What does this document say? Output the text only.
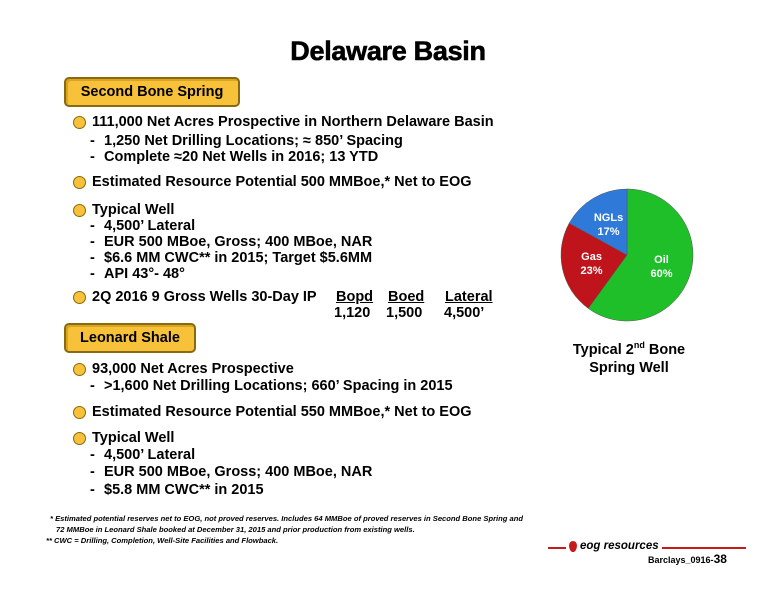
Delaware Basin
Second Bone Spring
111,000 Net Acres Prospective in Northern Delaware Basin
- 1,250 Net Drilling Locations; ≈ 850’ Spacing
- Complete ≈20 Net Wells in 2016; 13 YTD
Estimated Resource Potential 500 MMBoe,* Net to EOG
Typical Well
- 4,500’ Lateral
- EUR 500 MBoe, Gross; 400 MBoe, NAR
- $6.6 MM CWC** in 2015; Target $5.6MM
- API 43°- 48°
2Q 2016 9 Gross Wells 30-Day IP Bopd Boed Lateral
1,120 1,500 4,500’
Leonard Shale
93,000 Net Acres Prospective
- >1,600 Net Drilling Locations; 660’ Spacing in 2015
Estimated Resource Potential 550 MMBoe,* Net to EOG
Typical Well
- 4,500’ Lateral
- EUR 500 MBoe, Gross; 400 MBoe, NAR
- $5.8 MM CWC** in 2015
Oil
60%
Gas
23%
NGLs
17%
Typical 2nd Bone
Spring Well
* Estimated potential reserves net to EOG, not proved reserves. Includes 64 MMBoe of proved reserves in Second Bone Spring and
72 MMBoe in Leonard Shale booked at December 31, 2015 and prior production from existing wells.
** CWC = Drilling, Completion, Well-Site Facilities and Flowback.	eog resources
Barclays_0916-38
